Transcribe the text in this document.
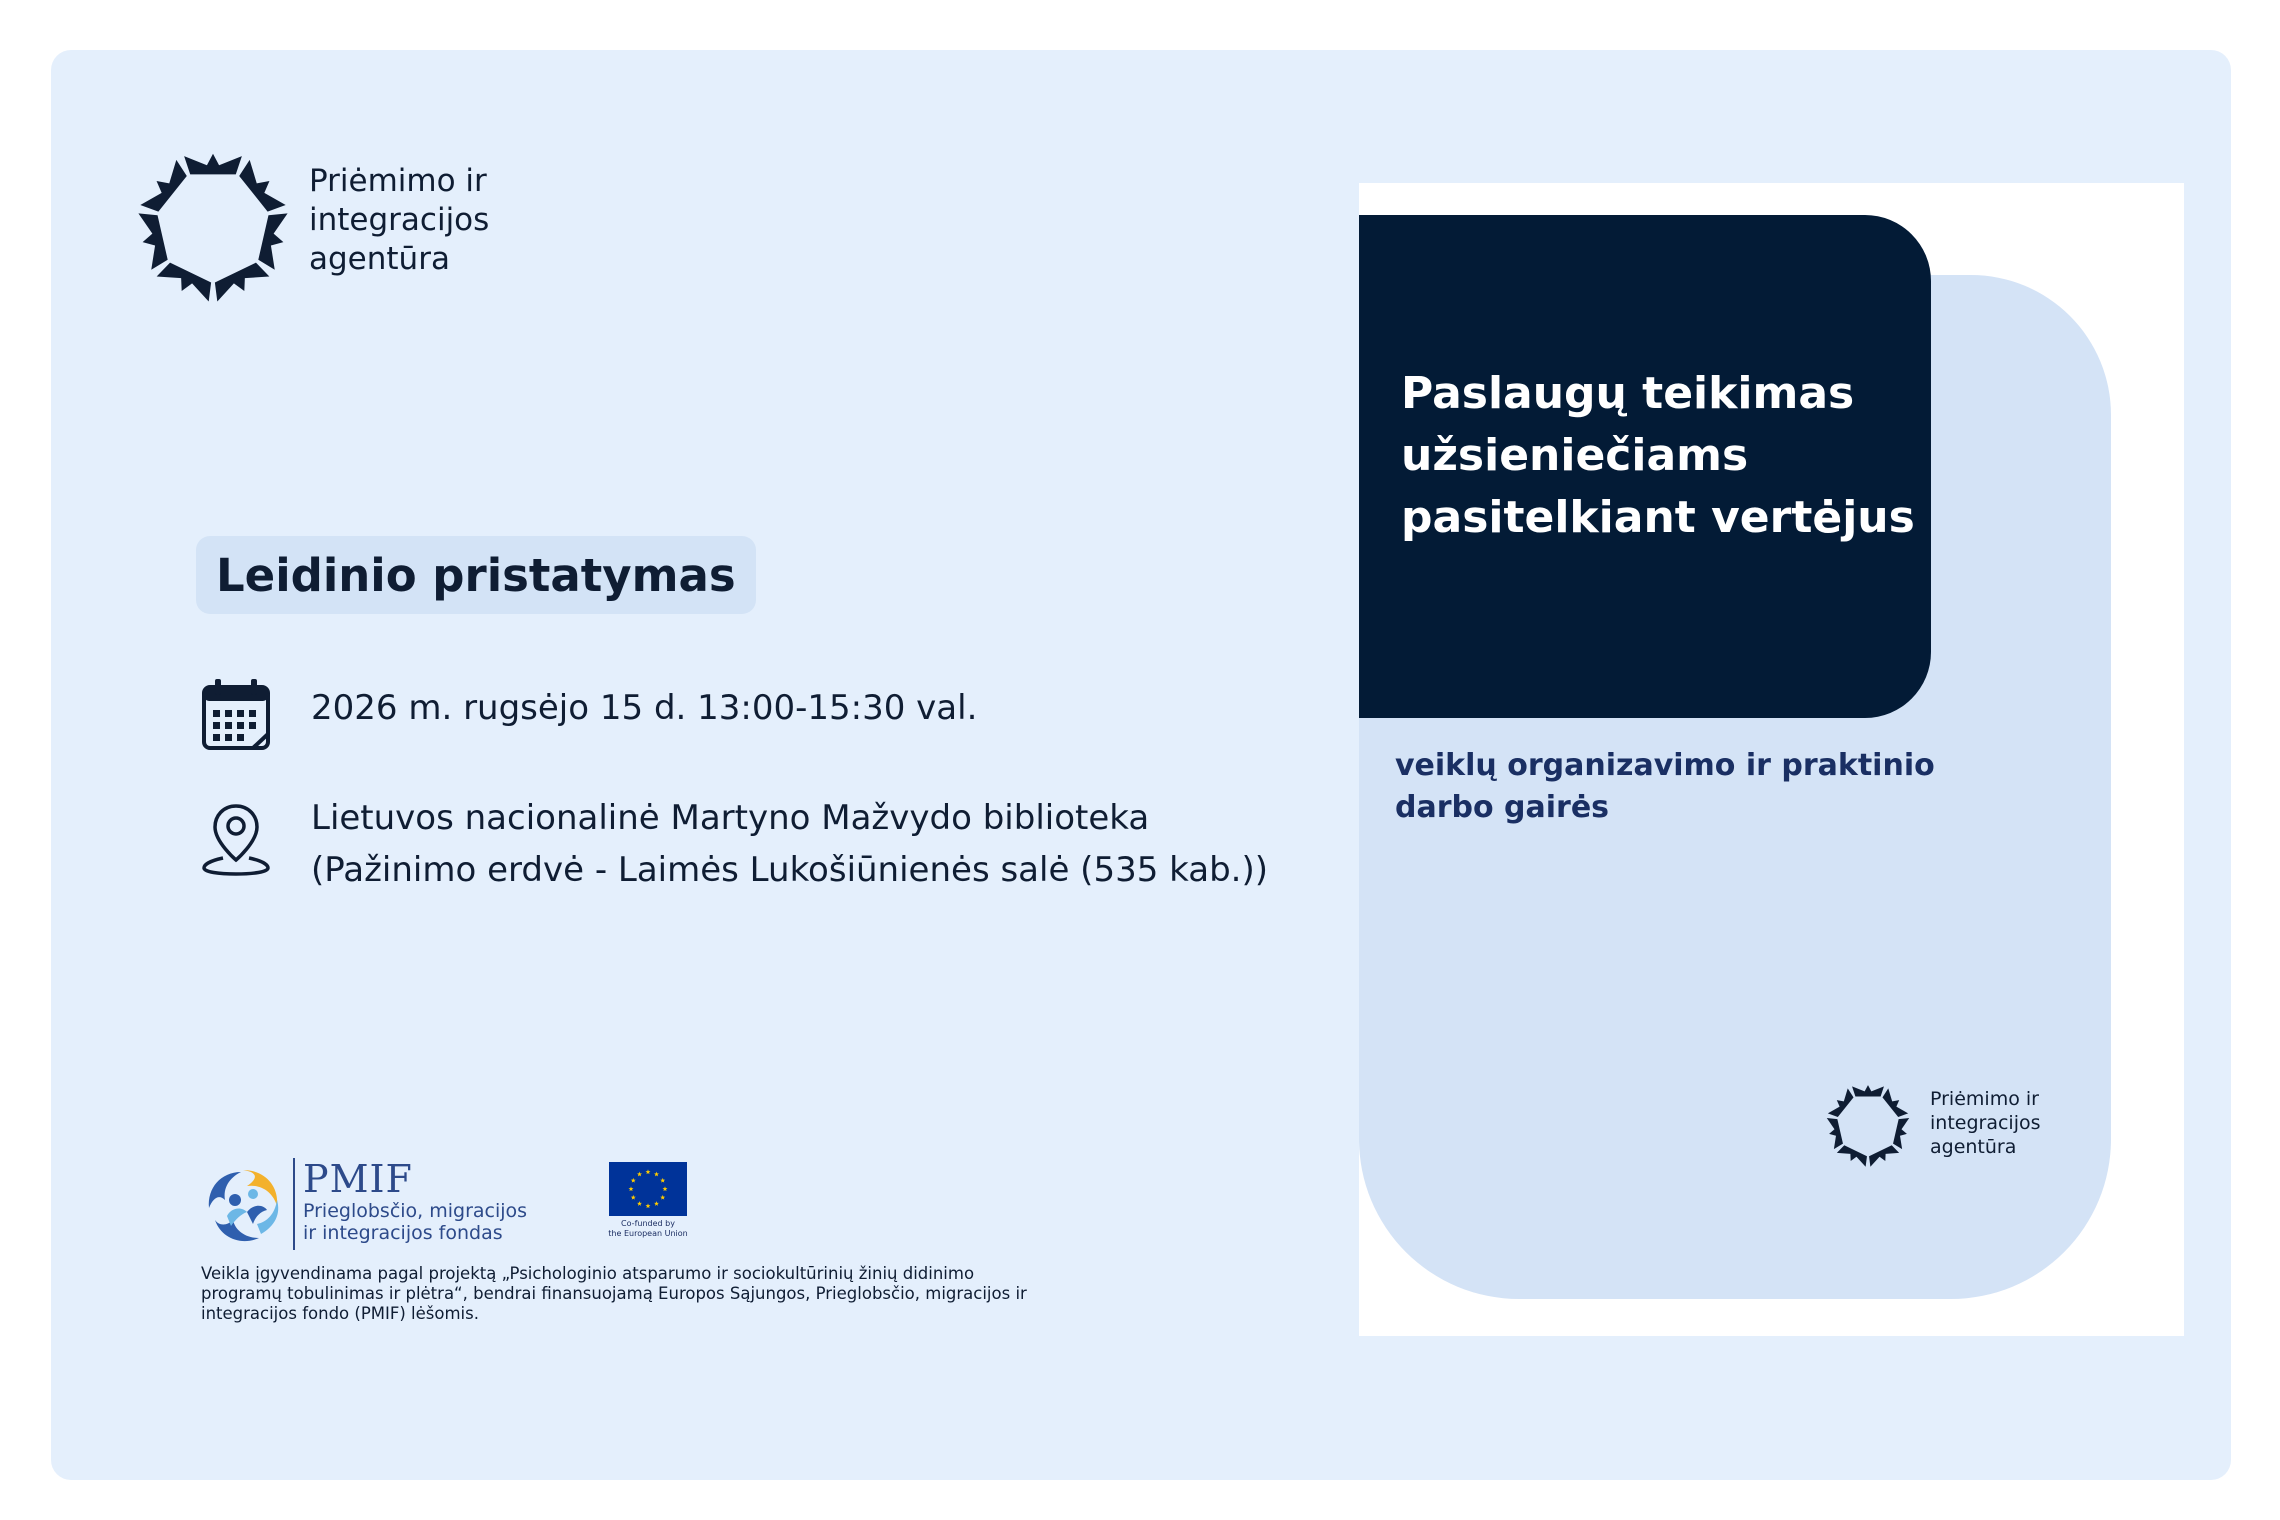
Priėmimo ir
integracijos
agentūra
Leidinio pristatymas
2026 m. rugsėjo 15 d. 13:00-15:30 val.
Lietuvos nacionalinė Martyno Mažvydo biblioteka
(Pažinimo erdvė - Laimės Lukošiūnienės salė (535 kab.))
PMIF
Prieglobsčio, migracijos
ir integracijos fondas	Co-funded by
the European Union
Veikla įgyvendinama pagal projektą „Psichologinio atsparumo ir sociokultūrinių žinių didinimo programų tobulinimas ir plėtra“, bendrai finansuojamą Europos Sąjungos, Prieglobsčio, migracijos ir integracijos fondo (PMIF) lėšomis.
Paslaugų teikimas
užsieniečiams
pasitelkiant vertėjus
veiklų organizavimo ir praktinio
darbo gairės
Priėmimo ir
integracijos
agentūra
